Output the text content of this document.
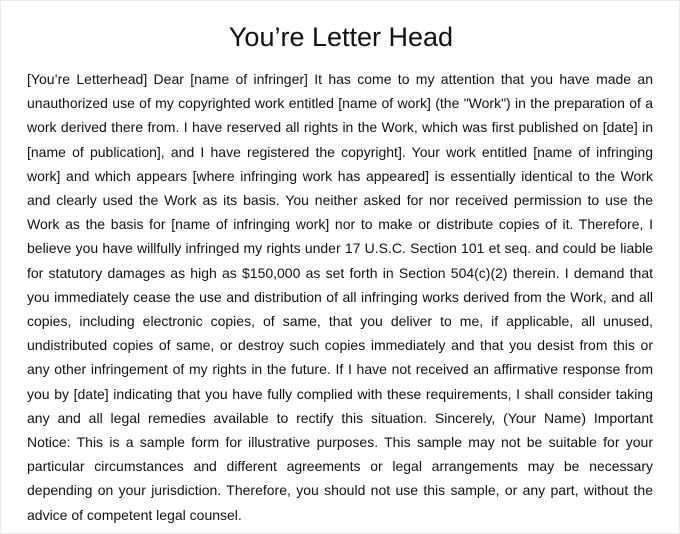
You’re Letter Head
[You’re Letterhead] Dear [name of infringer] It has come to my attention that you have made an
unauthorized use of my copyrighted work entitled [name of work] (the "Work") in the preparation of a
work derived there from. I have reserved all rights in the Work, which was first published on [date] in
[name of publication], and I have registered the copyright]. Your work entitled [name of infringing
work] and which appears [where infringing work has appeared] is essentially identical to the Work
and clearly used the Work as its basis. You neither asked for nor received permission to use the
Work as the basis for [name of infringing work] nor to make or distribute copies of it. Therefore, I
believe you have willfully infringed my rights under 17 U.S.C. Section 101 et seq. and could be liable
for statutory damages as high as $150,000 as set forth in Section 504(c)(2) therein. I demand that
you immediately cease the use and distribution of all infringing works derived from the Work, and all
copies, including electronic copies, of same, that you deliver to me, if applicable, all unused,
undistributed copies of same, or destroy such copies immediately and that you desist from this or
any other infringement of my rights in the future. If I have not received an affirmative response from
you by [date] indicating that you have fully complied with these requirements, I shall consider taking
any and all legal remedies available to rectify this situation. Sincerely, (Your Name) Important
Notice: This is a sample form for illustrative purposes. This sample may not be suitable for your
particular circumstances and different agreements or legal arrangements may be necessary
depending on your jurisdiction. Therefore, you should not use this sample, or any part, without the
advice of competent legal counsel.
